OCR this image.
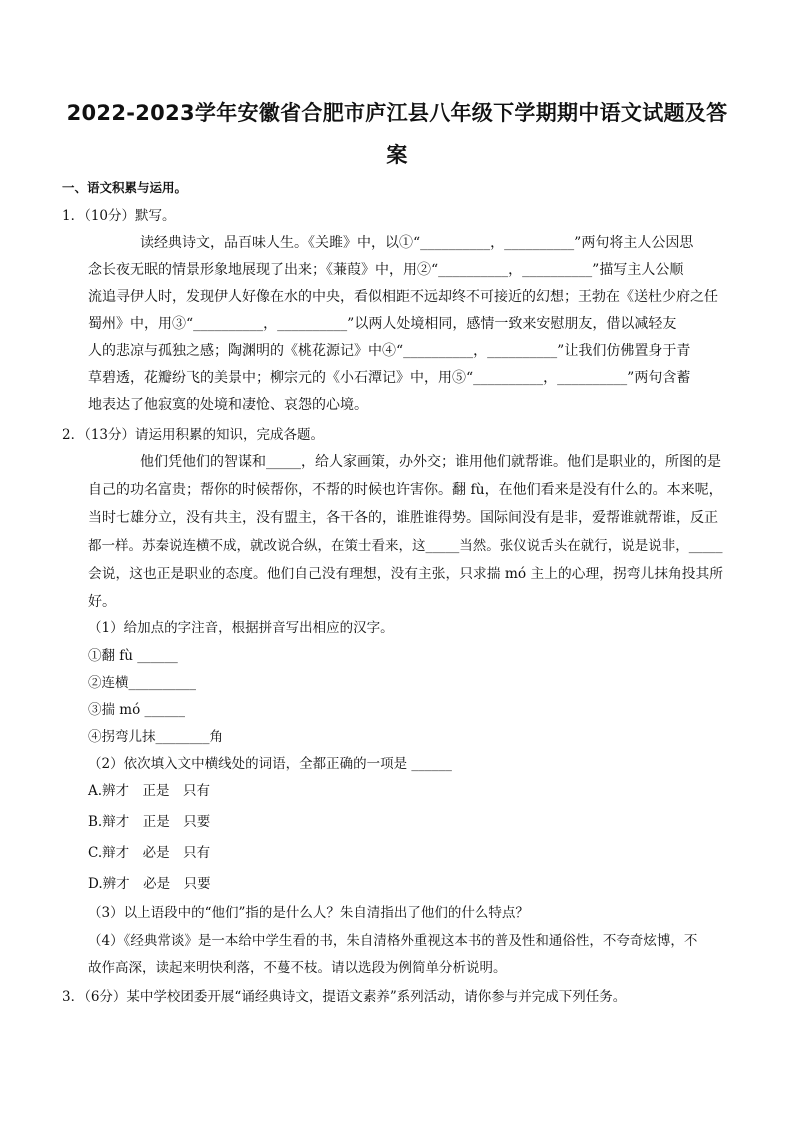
2022-2023学年安徽省合肥市庐江县八年级下学期期中语文试题及答
案
一、语文积累与运用。
1．（10分）默写。
读经典诗文，品百味人生。《关雎》中，以①“__________，__________”两句将主人公因思
念长夜无眠的情景形象地展现了出来；《蒹葭》中，用②“__________，__________”描写主人公顺
流追寻伊人时，发现伊人好像在水的中央，看似相距不远却终不可接近的幻想；王勃在《送杜少府之任
蜀州》中，用③“__________，__________”以两人处境相同，感情一致来安慰朋友，借以减轻友
人的悲凉与孤独之感；陶渊明的《桃花源记》中④“__________，__________”让我们仿佛置身于青
草碧透，花瓣纷飞的美景中；柳宗元的《小石潭记》中，用⑤“__________，__________”两句含蓄
地表达了他寂寞的处境和凄怆、哀怨的心境。
2．（13分）请运用积累的知识，完成各题。
他们凭他们的智谋和_____，给人家画策，办外交；谁用他们就帮谁。他们是职业的，所图的是
自己的功名富贵；帮你的时候帮你，不帮的时候也许害你。翻 fù，在他们看来是没有什么的。本来呢，
当时七雄分立，没有共主，没有盟主，各干各的，谁胜谁得势。国际间没有是非，爱帮谁就帮谁，反正
都一样。苏秦说连横不成，就改说合纵，在策士看来，这_____当然。张仪说舌头在就行，说是说非，_____
会说，这也正是职业的态度。他们自己没有理想，没有主张，只求揣 mó 主上的心理，拐弯儿抹角投其所
好。
（1）给加点的字注音，根据拼音写出相应的汉字。
①翻 fù ______
②连横__________
③揣 mó ______
④拐弯儿抹________角
（2）依次填入文中横线处的词语，全都正确的一项是 ______
A.辨才　正是　只有
B.辩才　正是　只要
C.辩才　必是　只有
D.辨才　必是　只要
（3）以上语段中的“他们”指的是什么人？朱自清指出了他们的什么特点？
（4）《经典常谈》是一本给中学生看的书，朱自清格外重视这本书的普及性和通俗性，不夸奇炫博，不
故作高深，读起来明快利落，不蔓不枝。请以选段为例简单分析说明。
3．（6分）某中学校团委开展“诵经典诗文，提语文素养”系列活动，请你参与并完成下列任务。
